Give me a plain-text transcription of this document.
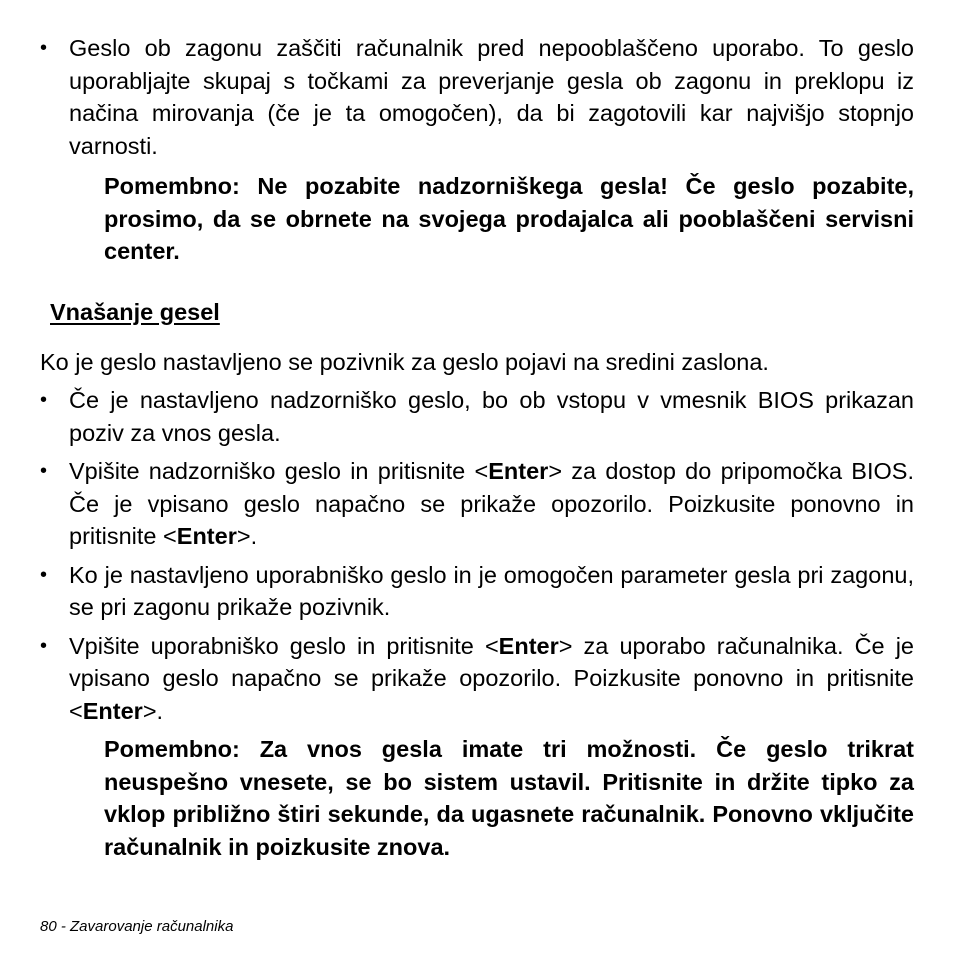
• Geslo ob zagonu zaščiti računalnik pred nepooblaščeno uporabo. To geslo uporabljajte skupaj s točkami za preverjanje gesla ob zagonu in preklopu iz načina mirovanja (če je ta omogočen), da bi zagotovili kar najvišjo stopnjo varnosti.
Pomembno: Ne pozabite nadzorniškega gesla! Če geslo pozabite, prosimo, da se obrnete na svojega prodajalca ali pooblaščeni servisni center.
Vnašanje gesel
Ko je geslo nastavljeno se pozivnik za geslo pojavi na sredini zaslona.
• Če je nastavljeno nadzorniško geslo, bo ob vstopu v vmesnik BIOS prikazan poziv za vnos gesla.
• Vpišite nadzorniško geslo in pritisnite <Enter> za dostop do pripomočka BIOS. Če je vpisano geslo napačno se prikaže opozorilo. Poizkusite ponovno in pritisnite <Enter>.
• Ko je nastavljeno uporabniško geslo in je omogočen parameter gesla pri zagonu, se pri zagonu prikaže pozivnik.
• Vpišite uporabniško geslo in pritisnite <Enter> za uporabo računalnika. Če je vpisano geslo napačno se prikaže opozorilo. Poizkusite ponovno in pritisnite <Enter>.
Pomembno: Za vnos gesla imate tri možnosti. Če geslo trikrat neuspešno vnesete, se bo sistem ustavil. Pritisnite in držite tipko za vklop približno štiri sekunde, da ugasnete računalnik. Ponovno vključite računalnik in poizkusite znova.
80 - Zavarovanje računalnika
